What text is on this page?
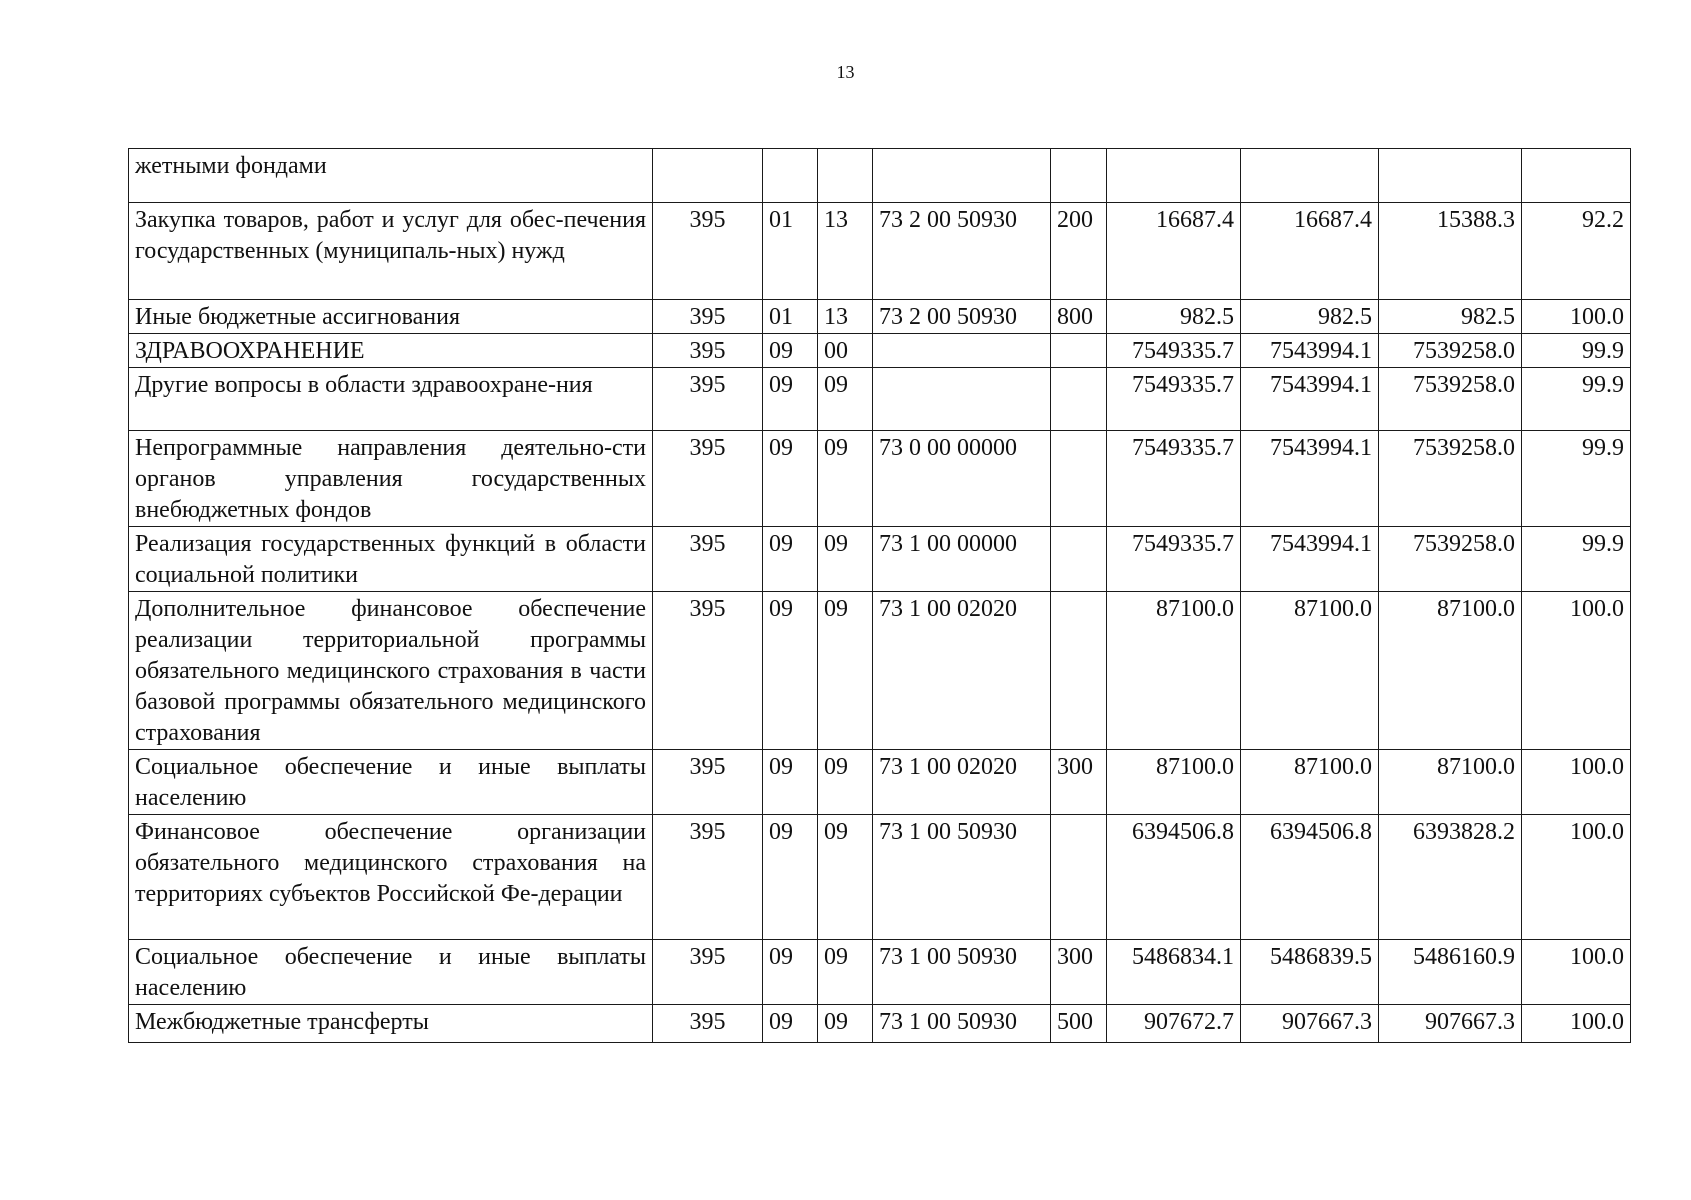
13
жетными фондами									
Закупка товаров, работ и услуг для обес-печения государственных (муниципаль-ных) нужд	395	01	13	73 2 00 50930	200	16687.4	16687.4	15388.3	92.2
Иные бюджетные ассигнования	395	01	13	73 2 00 50930	800	982.5	982.5	982.5	100.0
ЗДРАВООХРАНЕНИЕ	395	09	00			7549335.7	7543994.1	7539258.0	99.9
Другие вопросы в области здравоохране-ния	395	09	09			7549335.7	7543994.1	7539258.0	99.9
Непрограммные направления деятельно-сти органов управления государственных внебюджетных фондов	395	09	09	73 0 00 00000		7549335.7	7543994.1	7539258.0	99.9
Реализация государственных функций в области социальной политики	395	09	09	73 1 00 00000		7549335.7	7543994.1	7539258.0	99.9
Дополнительное финансовое обеспечение реализации территориальной программы обязательного медицинского страхования в части базовой программы обязательного медицинского страхования	395	09	09	73 1 00 02020		87100.0	87100.0	87100.0	100.0
Социальное обеспечение и иные выплаты населению	395	09	09	73 1 00 02020	300	87100.0	87100.0	87100.0	100.0
Финансовое обеспечение организации обязательного медицинского страхования на территориях субъектов Российской Фе-дерации	395	09	09	73 1 00 50930		6394506.8	6394506.8	6393828.2	100.0
Социальное обеспечение и иные выплаты населению	395	09	09	73 1 00 50930	300	5486834.1	5486839.5	5486160.9	100.0
Межбюджетные трансферты	395	09	09	73 1 00 50930	500	907672.7	907667.3	907667.3	100.0
